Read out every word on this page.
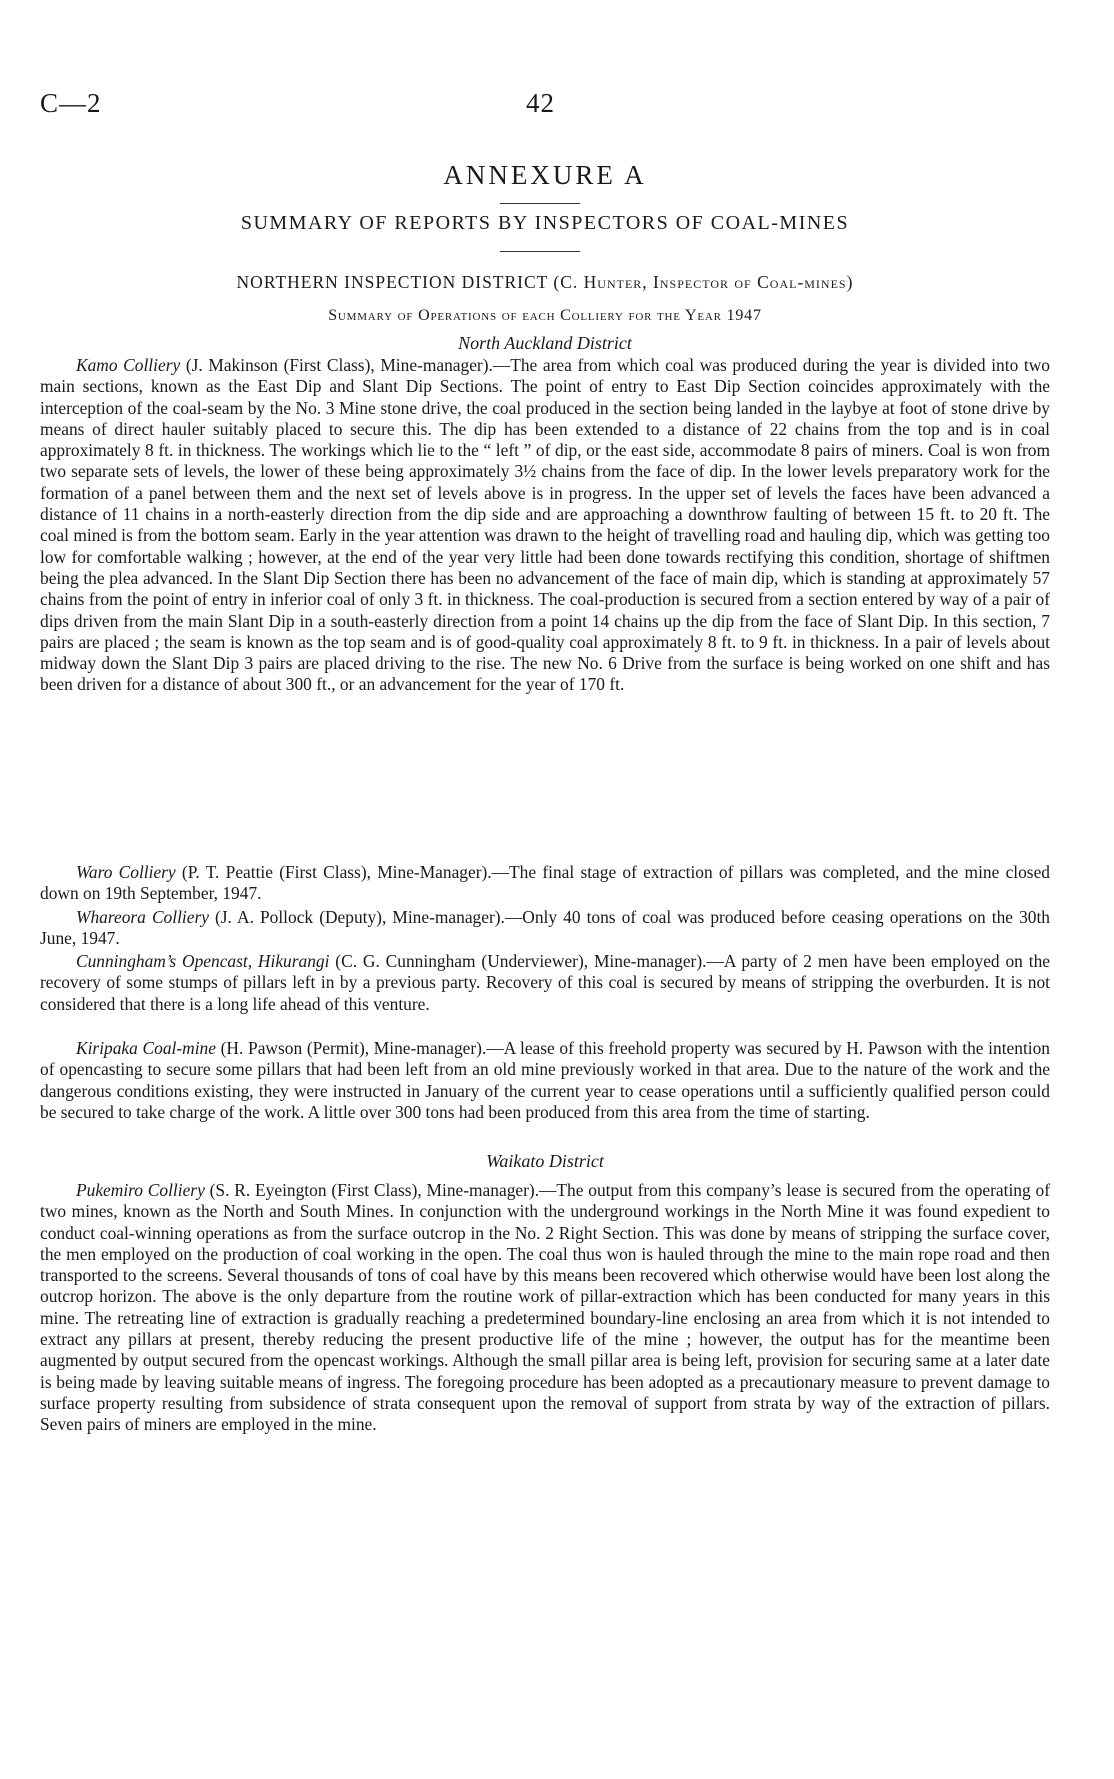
C—2	42
ANNEXURE A
SUMMARY OF REPORTS BY INSPECTORS OF COAL-MINES
NORTHERN INSPECTION DISTRICT (C. Hunter, Inspector of Coal-mines)
Summary of Operations of each Colliery for the Year 1947
North Auckland District

Kamo Colliery (J. Makinson (First Class), Mine-manager).—The area from which coal was produced during the year is divided into two main sections, known as the East Dip and Slant Dip Sections. The point of entry to East Dip Section coincides approximately with the interception of the coal-seam by the No. 3 Mine stone drive, the coal produced in the section being landed in the laybye at foot of stone drive by means of direct hauler suitably placed to secure this. The dip has been extended to a distance of 22 chains from the top and is in coal approximately 8 ft. in thickness. The workings which lie to the “ left ” of dip, or the east side, accommodate 8 pairs of miners. Coal is won from two separate sets of levels, the lower of these being approximately 3½ chains from the face of dip. In the lower levels preparatory work for the formation of a panel between them and the next set of levels above is in progress. In the upper set of levels the faces have been advanced a distance of 11 chains in a north-easterly direction from the dip side and are approaching a downthrow faulting of between 15 ft. to 20 ft. The coal mined is from the bottom seam. Early in the year attention was drawn to the height of travelling road and hauling dip, which was getting too low for comfortable walking ; however, at the end of the year very little had been done towards rectifying this condition, shortage of shiftmen being the plea advanced. In the Slant Dip Section there has been no advancement of the face of main dip, which is standing at approximately 57 chains from the point of entry in inferior coal of only 3 ft. in thickness. The coal-production is secured from a section entered by way of a pair of dips driven from the main Slant Dip in a south-easterly direction from a point 14 chains up the dip from the face of Slant Dip. In this section, 7 pairs are placed ; the seam is known as the top seam and is of good-quality coal approximately 8 ft. to 9 ft. in thickness. In a pair of levels about midway down the Slant Dip 3 pairs are placed driving to the rise. The new No. 6 Drive from the surface is being worked on one shift and has been driven for a distance of about 300 ft., or an advancement for the year of 170 ft.

Waro Colliery (P. T. Peattie (First Class), Mine-Manager).—The final stage of extraction of pillars was completed, and the mine closed down on 19th September, 1947.

Whareora Colliery (J. A. Pollock (Deputy), Mine-manager).—Only 40 tons of coal was produced before ceasing operations on the 30th June, 1947.

Cunningham’s Opencast, Hikurangi (C. G. Cunningham (Underviewer), Mine-manager).—A party of 2 men have been employed on the recovery of some stumps of pillars left in by a previous party. Recovery of this coal is secured by means of stripping the overburden. It is not considered that there is a long life ahead of this venture.

Kiripaka Coal-mine (H. Pawson (Permit), Mine-manager).—A lease of this freehold property was secured by H. Pawson with the intention of opencasting to secure some pillars that had been left from an old mine previously worked in that area. Due to the nature of the work and the dangerous conditions existing, they were instructed in January of the current year to cease operations until a sufficiently qualified person could be secured to take charge of the work. A little over 300 tons had been produced from this area from the time of starting.

Waikato District

Pukemiro Colliery (S. R. Eyeington (First Class), Mine-manager).—The output from this company’s lease is secured from the operating of two mines, known as the North and South Mines. In conjunction with the underground workings in the North Mine it was found expedient to conduct coal-winning operations as from the surface outcrop in the No. 2 Right Section. This was done by means of stripping the surface cover, the men employed on the production of coal working in the open. The coal thus won is hauled through the mine to the main rope road and then transported to the screens. Several thousands of tons of coal have by this means been recovered which otherwise would have been lost along the outcrop horizon. The above is the only departure from the routine work of pillar-extraction which has been conducted for many years in this mine. The retreating line of extraction is gradually reaching a predetermined boundary-line enclosing an area from which it is not intended to extract any pillars at present, thereby reducing the present productive life of the mine ; however, the output has for the meantime been augmented by output secured from the opencast workings. Although the small pillar area is being left, provision for securing same at a later date is being made by leaving suitable means of ingress. The foregoing procedure has been adopted as a precautionary measure to prevent damage to surface property resulting from subsidence of strata consequent upon the removal of support from strata by way of the extraction of pillars. Seven pairs of miners are employed in the mine.
